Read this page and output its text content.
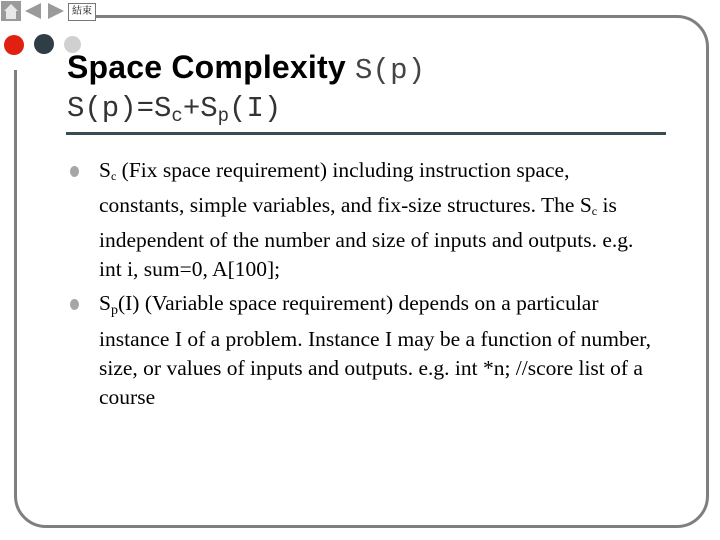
結束
Space Complexity S(p)
$S(p)=S_c+S_p(I)$
$S_c$ (Fix space requirement) including instruction space, constants, simple variables, and fix-size structures. The $S_c$ is independent of the number and size of inputs and outputs. e.g. int i, sum=0, A[100];
$S_p(I)$ (Variable space requirement) depends on a particular instance I of a problem. Instance I may be a function of number, size, or values of inputs and outputs. e.g. int *n; //score list of a course
